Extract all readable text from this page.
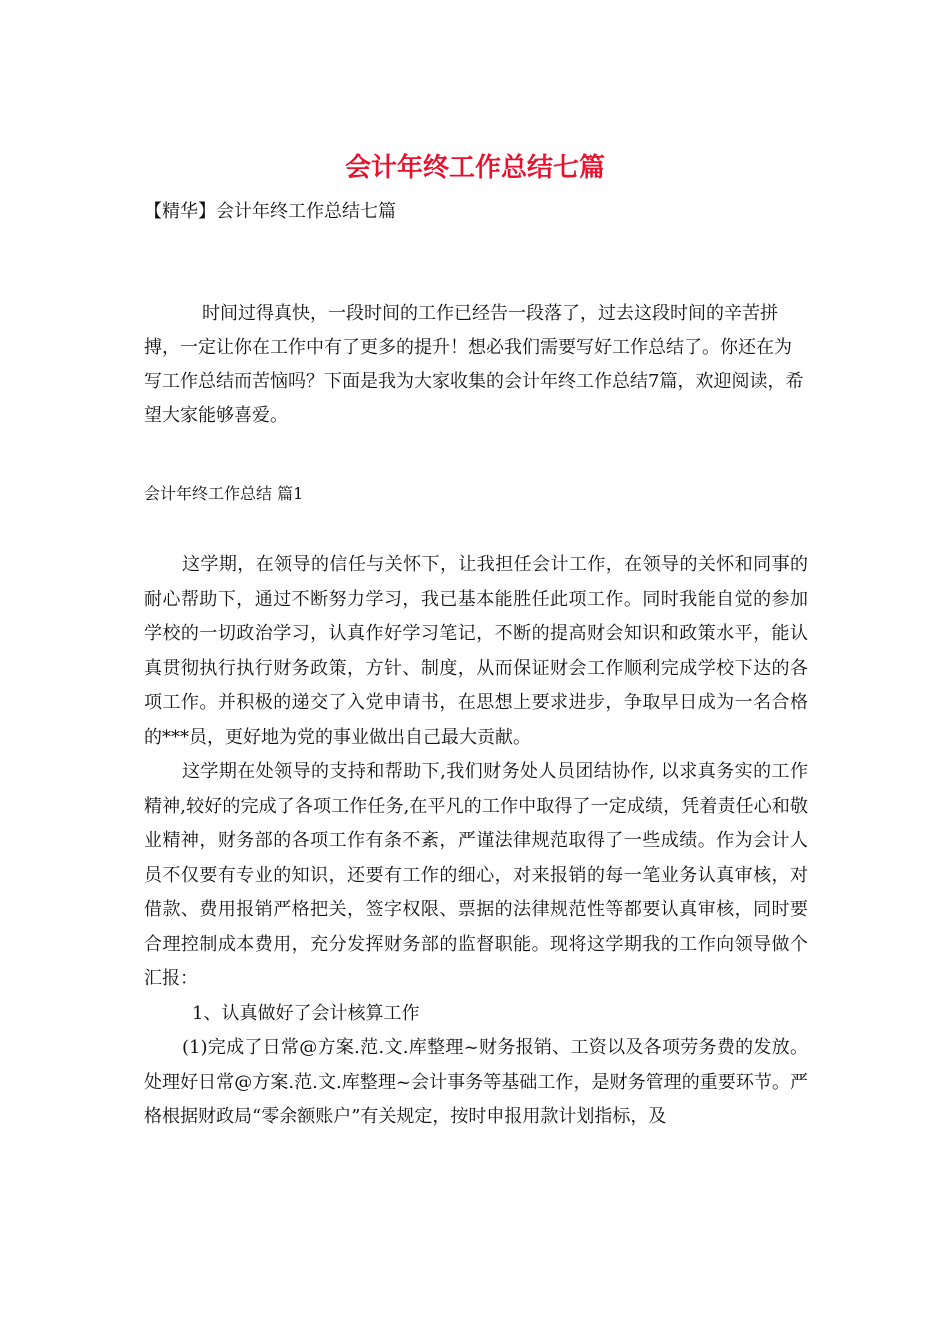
会计年终工作总结七篇
【精华】会计年终工作总结七篇

时间过得真快，一段时间的工作已经告一段落了，过去这段时间的辛苦拼搏，一定让你在工作中有了更多的提升！想必我们需要写好工作总结了。你还在为写工作总结而苦恼吗？下面是我为大家收集的会计年终工作总结7篇，欢迎阅读，希望大家能够喜爱。

会计年终工作总结 篇1

这学期，在领导的信任与关怀下，让我担任会计工作，在领导的关怀和同事的耐心帮助下，通过不断努力学习，我已基本能胜任此项工作。同时我能自觉的参加学校的一切政治学习，认真作好学习笔记，不断的提高财会知识和政策水平，能认真贯彻执行执行财务政策，方针、制度，从而保证财会工作顺利完成学校下达的各项工作。并积极的递交了入党申请书，在思想上要求进步，争取早日成为一名合格的***员，更好地为党的事业做出自己最大贡献。

这学期在处领导的支持和帮助下,我们财务处人员团结协作, 以求真务实的工作精神,较好的完成了各项工作任务,在平凡的工作中取得了一定成绩，凭着责任心和敬业精神，财务部的各项工作有条不紊，严谨法律规范取得了一些成绩。作为会计人员不仅要有专业的知识，还要有工作的细心，对来报销的每一笔业务认真审核，对借款、费用报销严格把关，签字权限、票据的法律规范性等都要认真审核，同时要合理控制成本费用，充分发挥财务部的监督职能。现将这学期我的工作向领导做个汇报：

1、认真做好了会计核算工作

(1)完成了日常@方案.范.文.库整理~财务报销、工资以及各项劳务费的发放。处理好日常@方案.范.文.库整理~会计事务等基础工作，是财务管理的重要环节。严格根据财政局“零余额账户”有关规定，按时申报用款计划指标，及
